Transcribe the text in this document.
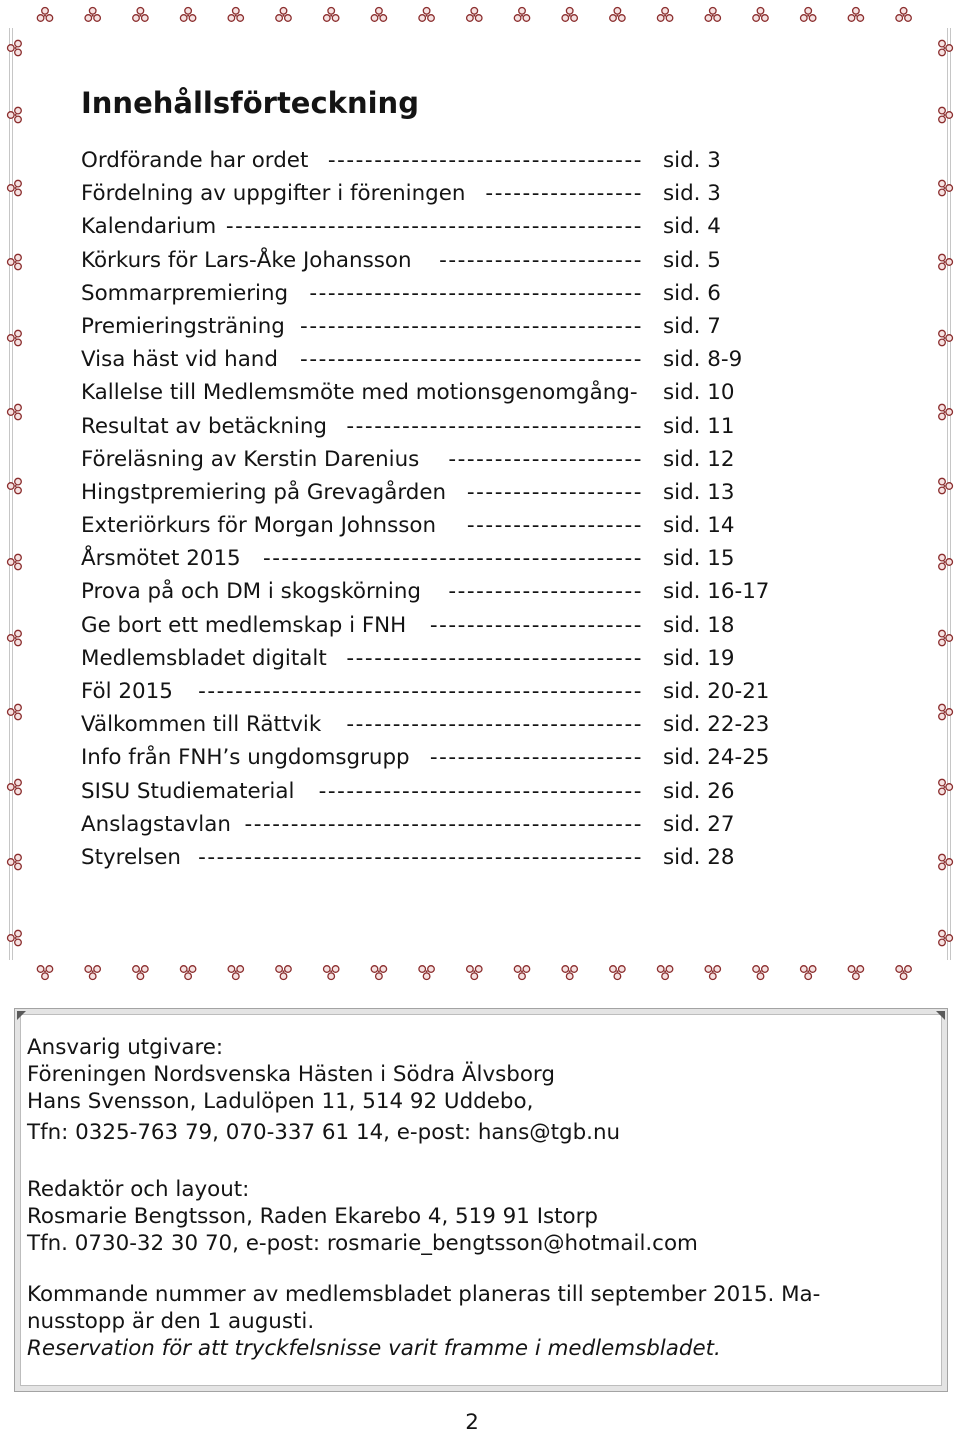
Innehållsförteckning
Ordförande har ordet ---------------------------------- sid. 3
Fördelning av uppgifter i föreningen ----------------- sid. 3
Kalendarium --------------------------------------------- sid. 4
Körkurs för Lars-Åke Johansson ---------------------- sid. 5
Sommarpremiering ------------------------------------ sid. 6
Premieringsträning ------------------------------------- sid. 7
Visa häst vid hand ------------------------------------- sid. 8-9
Kallelse till Medlemsmöte med motionsgenomgång- sid. 10
Resultat av betäckning -------------------------------- sid. 11
Föreläsning av Kerstin Darenius --------------------- sid. 12
Hingstpremiering på Grevagården ------------------- sid. 13
Exteriörkurs för Morgan Johnsson ------------------- sid. 14
Årsmötet 2015 ----------------------------------------- sid. 15
Prova på och DM i skogskörning --------------------- sid. 16-17
Ge bort ett medlemskap i FNH ----------------------- sid. 18
Medlemsbladet digitalt -------------------------------- sid. 19
Föl 2015 ------------------------------------------------ sid. 20-21
Välkommen till Rättvik -------------------------------- sid. 22-23
Info från FNH’s ungdomsgrupp ----------------------- sid. 24-25
SISU Studiematerial ----------------------------------- sid. 26
Anslagstavlan ------------------------------------------- sid. 27
Styrelsen ------------------------------------------------ sid. 28
Ansvarig utgivare:
Föreningen Nordsvenska Hästen i Södra Älvsborg
Hans Svensson, Ladulöpen 11, 514 92 Uddebo,
Tfn: 0325-763 79, 070-337 61 14, e-post: hans@tgb.nu
Redaktör och layout:
Rosmarie Bengtsson, Raden Ekarebo 4, 519 91 Istorp
Tfn. 0730-32 30 70, e-post: rosmarie_bengtsson@hotmail.com
Kommande nummer av medlemsbladet planeras till september 2015. Ma-
nusstopp är den 1 augusti.
Reservation för att tryckfelsnisse varit framme i medlemsbladet.
2
